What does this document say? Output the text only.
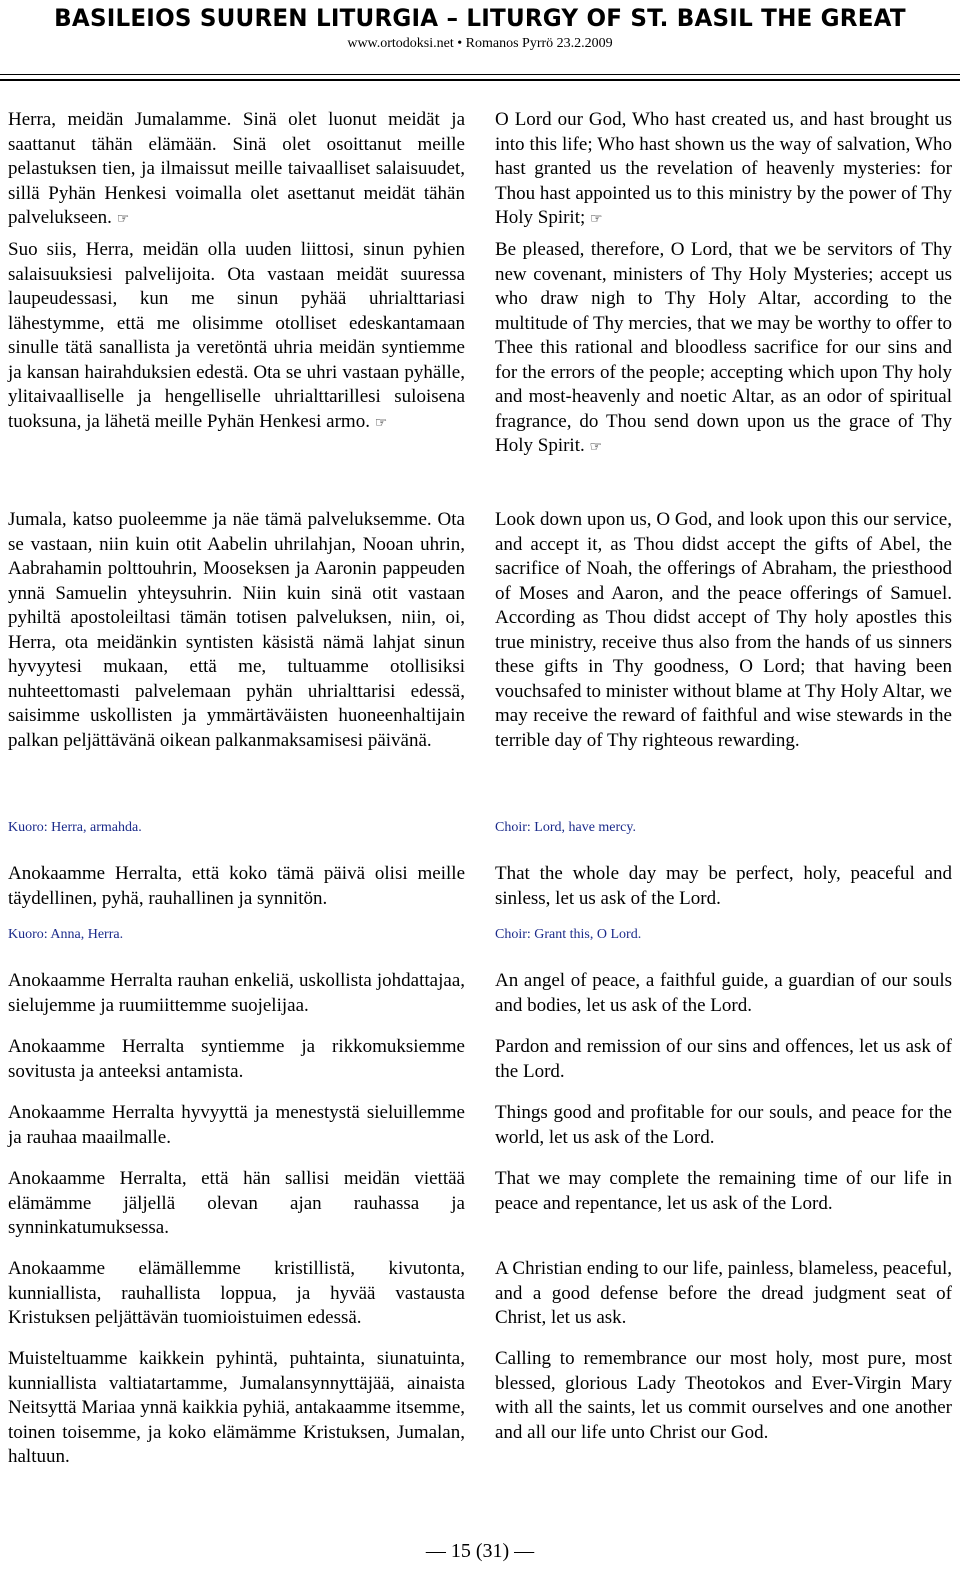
BASILEIOS SUUREN LITURGIA – LITURGY OF ST. BASIL THE GREAT
www.ortodoksi.net • Romanos Pyrrö 23.2.2009

Herra, meidän Jumalamme. Sinä olet luonut meidät ja saattanut tähän elämään. Sinä olet osoittanut meille pelastuksen tien, ja ilmaissut meille taivaalliset salaisuudet, sillä Pyhän Henkesi voimalla olet asettanut meidät tähän palvelukseen. ☞

Suo siis, Herra, meidän olla uuden liittosi, sinun pyhien salaisuuksiesi palvelijoita. Ota vastaan meidät suuressa laupeudessasi, kun me sinun pyhää uhrialttariasi lähestymme, että me olisimme otolliset edeskantamaan sinulle tätä sanallista ja veretöntä uhria meidän syntiemme ja kansan hairahduksien edestä. Ota se uhri vastaan pyhälle, ylitaivaalliselle ja hengelliselle uhrialttarillesi suloisena tuoksuna, ja lähetä meille Pyhän Henkesi armo. ☞

Jumala, katso puoleemme ja näe tämä palveluksemme. Ota se vastaan, niin kuin otit Aabelin uhrilahjan, Nooan uhrin, Aabrahamin polttouhrin, Mooseksen ja Aaronin pappeuden ynnä Samuelin yhteysuhrin. Niin kuin sinä otit vastaan pyhiltä apostoleiltasi tämän totisen palveluksen, niin, oi, Herra, ota meidänkin syntisten käsistä nämä lahjat sinun hyvyytesi mukaan, että me, tultuamme otollisiksi nuhteettomasti palvelemaan pyhän uhrialttarisi edessä, saisimme uskollisten ja ymmärtäväisten huoneenhaltijain palkan peljättävänä oikean palkanmaksamisesi päivänä.

Kuoro: Herra, armahda.

Anokaamme Herralta, että koko tämä päivä olisi meille täydellinen, pyhä, rauhallinen ja synnitön.

Kuoro: Anna, Herra.

Anokaamme Herralta rauhan enkeliä, uskollista johdattajaa, sielujemme ja ruumiittemme suojelijaa.

Anokaamme Herralta syntiemme ja rikkomuksiemme sovitusta ja anteeksi antamista.

Anokaamme Herralta hyvyyttä ja menestystä sieluillemme ja rauhaa maailmalle.

Anokaamme Herralta, että hän sallisi meidän viettää elämämme jäljellä olevan ajan rauhassa ja synninkatumuksessa.

Anokaamme elämällemme kristillistä, kivutonta, kunniallista, rauhallista loppua, ja hyvää vastausta Kristuksen peljättävän tuomioistuimen edessä.

Muisteltuamme kaikkein pyhintä, puhtainta, siunatuinta, kunniallista valtiatartamme, Jumalansynnyttäjää, ainaista Neitsyttä Mariaa ynnä kaikkia pyhiä, antakaamme itsemme, toinen toisemme, ja koko elämämme Kristuksen, Jumalan, haltuun.

O Lord our God, Who hast created us, and hast brought us into this life; Who hast shown us the way of salvation, Who hast granted us the revelation of heavenly mysteries: for Thou hast appointed us to this ministry by the power of Thy Holy Spirit; ☞

Be pleased, therefore, O Lord, that we be servitors of Thy new covenant, ministers of Thy Holy Mysteries; accept us who draw nigh to Thy Holy Altar, according to the multitude of Thy mercies, that we may be worthy to offer to Thee this rational and bloodless sacrifice for our sins and for the errors of the people; accepting which upon Thy holy and most-heavenly and noetic Altar, as an odor of spiritual fragrance, do Thou send down upon us the grace of Thy Holy Spirit. ☞

Look down upon us, O God, and look upon this our service, and accept it, as Thou didst accept the gifts of Abel, the sacrifice of Noah, the offerings of Abraham, the priesthood of Moses and Aaron, and the peace offerings of Samuel. According as Thou didst accept of Thy holy apostles this true ministry, receive thus also from the hands of us sinners these gifts in Thy goodness, O Lord; that having been vouchsafed to minister without blame at Thy Holy Altar, we may receive the reward of faithful and wise stewards in the terrible day of Thy righteous rewarding.

Choir: Lord, have mercy.

That the whole day may be perfect, holy, peaceful and sinless, let us ask of the Lord.

Choir: Grant this, O Lord.

An angel of peace, a faithful guide, a guardian of our souls and bodies, let us ask of the Lord.

Pardon and remission of our sins and offences, let us ask of the Lord.

Things good and profitable for our souls, and peace for the world, let us ask of the Lord.

That we may complete the remaining time of our life in peace and repentance, let us ask of the Lord.

A Christian ending to our life, painless, blameless, peaceful, and a good defense before the dread judgment seat of Christ, let us ask.

Calling to remembrance our most holy, most pure, most blessed, glorious Lady Theotokos and Ever-Virgin Mary with all the saints, let us commit ourselves and one another and all our life unto Christ our God.

— 15 (31) —
